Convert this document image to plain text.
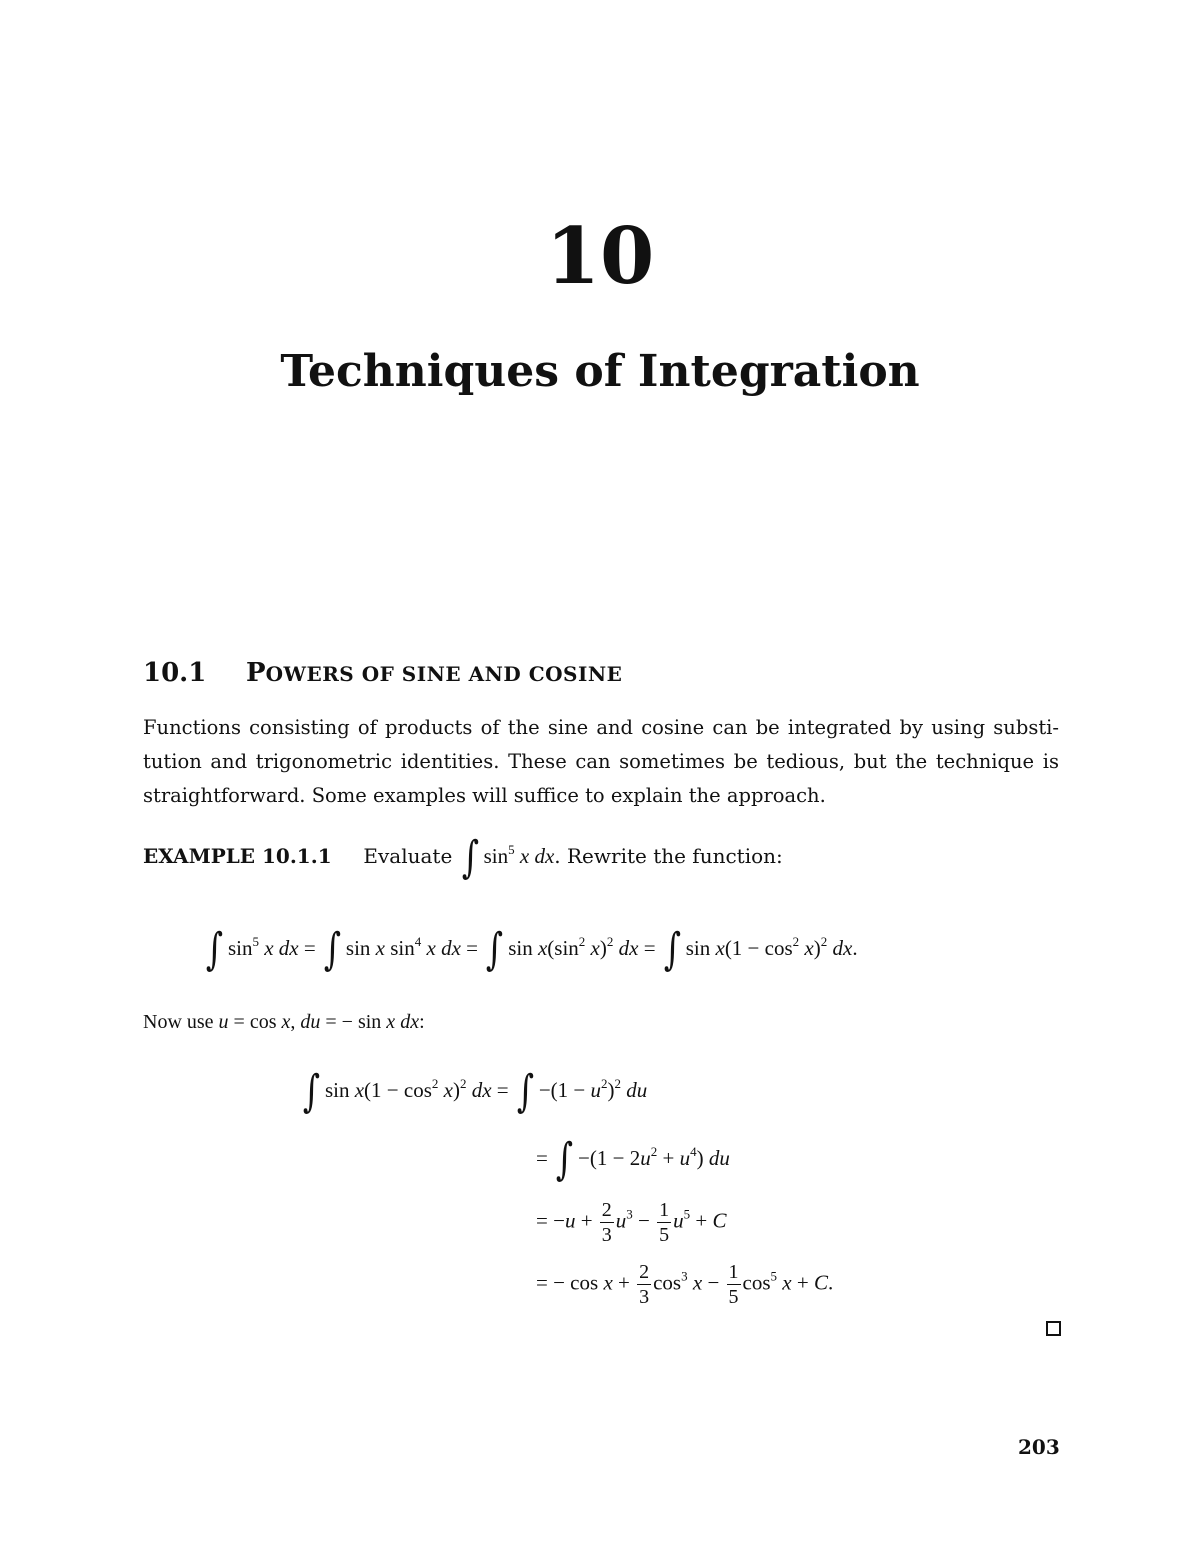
10
Techniques of Integration
10.1 POWERS OF SINE AND COSINE
Functions consisting of products of the sine and cosine can be integrated by using substi-
tution and trigonometric identities. These can sometimes be tedious, but the technique is
straightforward. Some examples will suffice to explain the approach.
EXAMPLE 10.1.1 Evaluate ∫ $\sin^5 x$ dx. Rewrite the function:
∫ $\sin^5 x$ dx = ∫ sin x $\sin^4 x$ dx = ∫ $\sin x(\sin^2$ x)$^2$ dx = ∫ $\sin x(1 - \cos^2 x)^2$ dx.
Now use u = cos x, du = − sin x dx:
∫ $\sin x(1 - \cos^2 x)^2$ dx = ∫ $-(1 - u^2)^2$ du
= ∫ $-(1 - 2u^2 + u^4)$ du
= $-u + \frac{2}{3} u^3 - \frac{1}{5} u^5 + C$
= − $\cos x + \frac{2}{3} \cos^3 x - \frac{1}{5} \cos^5 x + C$.
203
